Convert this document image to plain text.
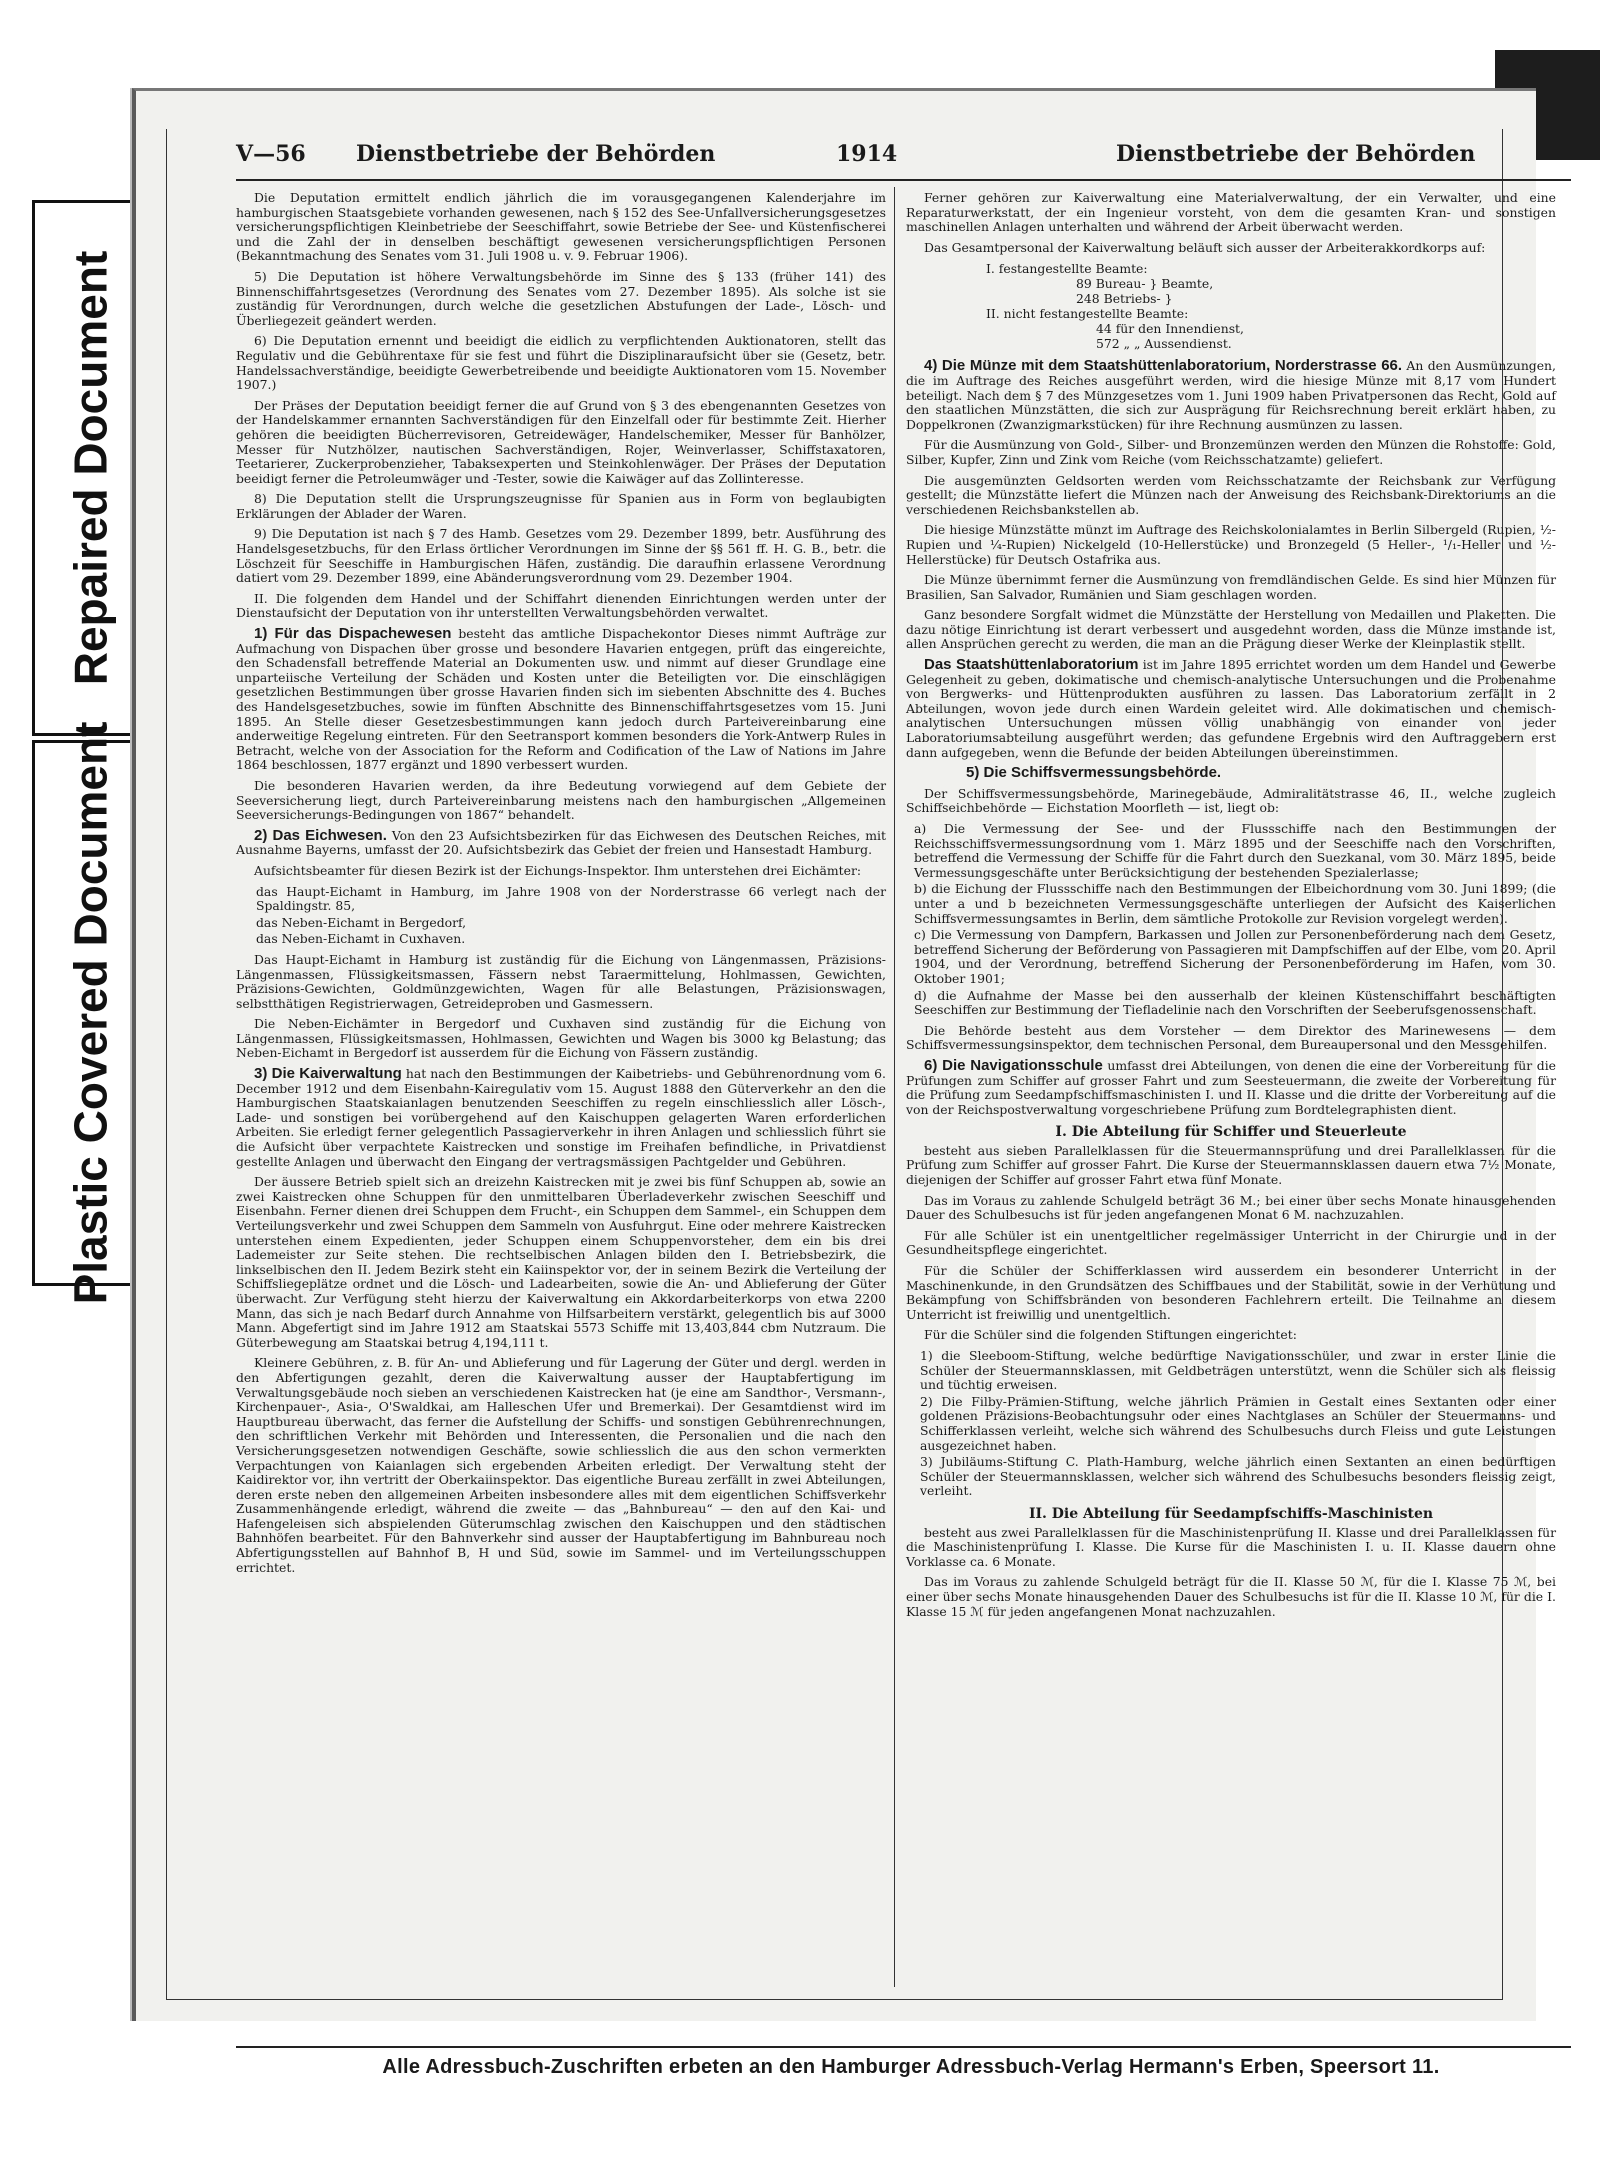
Repaired Document
Plastic Covered Document
V—56 Dienstbetriebe der Behörden	1914	Dienstbetriebe der Behörden

Die Deputation ermittelt endlich jährlich die im vorausgegangenen Kalenderjahre im hamburgischen Staatsgebiete vorhanden gewesenen, nach § 152 des See-Unfallversicherungsgesetzes versicherungspflichtigen Kleinbetriebe der Seeschiffahrt, sowie Betriebe der See- und Küstenfischerei und die Zahl der in denselben beschäftigt gewesenen versicherungspflichtigen Personen (Bekanntmachung des Senates vom 31. Juli 1908 u. v. 9. Februar 1906).

5) Die Deputation ist höhere Verwaltungsbehörde im Sinne des § 133 (früher 141) des Binnenschiffahrtsgesetzes (Verordnung des Senates vom 27. Dezember 1895). Als solche ist sie zuständig für Verordnungen, durch welche die gesetzlichen Abstufungen der Lade-, Lösch- und Überliegezeit geändert werden.

6) Die Deputation ernennt und beeidigt die eidlich zu verpflichtenden Auktionatoren, stellt das Regulativ und die Gebührentaxe für sie fest und führt die Disziplinaraufsicht über sie (Gesetz, betr. Handelssachverständige, beeidigte Gewerbetreibende und beeidigte Auktionatoren vom 15. November 1907.)

Der Präses der Deputation beeidigt ferner die auf Grund von § 3 des ebengenannten Gesetzes von der Handelskammer ernannten Sachverständigen für den Einzelfall oder für bestimmte Zeit. Hierher gehören die beeidigten Bücherrevisoren, Getreidewäger, Handelschemiker, Messer für Banhölzer, Messer für Nutzhölzer, nautischen Sachverständigen, Rojer, Weinverlasser, Schiffstaxatoren, Teetarierer, Zuckerprobenzieher, Tabaksexperten und Steinkohlenwäger. Der Präses der Deputation beeidigt ferner die Petroleumwäger und -Tester, sowie die Kaiwäger auf das Zollinteresse.

8) Die Deputation stellt die Ursprungszeugnisse für Spanien aus in Form von beglaubigten Erklärungen der Ablader der Waren.

9) Die Deputation ist nach § 7 des Hamb. Gesetzes vom 29. Dezember 1899, betr. Ausführung des Handelsgesetzbuchs, für den Erlass örtlicher Verordnungen im Sinne der §§ 561 ff. H. G. B., betr. die Löschzeit für Seeschiffe in Hamburgischen Häfen, zuständig. Die daraufhin erlassene Verordnung datiert vom 29. Dezember 1899, eine Abänderungsverordnung vom 29. Dezember 1904.

II. Die folgenden dem Handel und der Schiffahrt dienenden Einrichtungen werden unter der Dienstaufsicht der Deputation von ihr unterstellten Verwaltungsbehörden verwaltet.

1) Für das Dispachewesen besteht das amtliche Dispachekontor Dieses nimmt Aufträge zur Aufmachung von Dispachen über grosse und besondere Havarien entgegen, prüft das eingereichte, den Schadensfall betreffende Material an Dokumenten usw. und nimmt auf dieser Grundlage eine unparteiische Verteilung der Schäden und Kosten unter die Beteiligten vor. Die einschlägigen gesetzlichen Bestimmungen über grosse Havarien finden sich im siebenten Abschnitte des 4. Buches des Handelsgesetzbuches, sowie im fünften Abschnitte des Binnenschiffahrtsgesetzes vom 15. Juni 1895. An Stelle dieser Gesetzesbestimmungen kann jedoch durch Parteivereinbarung eine anderweitige Regelung eintreten. Für den Seetransport kommen besonders die York-Antwerp Rules in Betracht, welche von der Association for the Reform and Codification of the Law of Nations im Jahre 1864 beschlossen, 1877 ergänzt und 1890 verbessert wurden.

Die besonderen Havarien werden, da ihre Bedeutung vorwiegend auf dem Gebiete der Seeversicherung liegt, durch Parteivereinbarung meistens nach den hamburgischen „Allgemeinen Seeversicherungs-Bedingungen von 1867“ behandelt.

2) Das Eichwesen. Von den 23 Aufsichtsbezirken für das Eichwesen des Deutschen Reiches, mit Ausnahme Bayerns, umfasst der 20. Aufsichtsbezirk das Gebiet der freien und Hansestadt Hamburg.

Aufsichtsbeamter für diesen Bezirk ist der Eichungs-Inspektor. Ihm unterstehen drei Eichämter:

das Haupt-Eichamt in Hamburg, im Jahre 1908 von der Norderstrasse 66 verlegt nach der Spaldingstr. 85,
das Neben-Eichamt in Bergedorf,
das Neben-Eichamt in Cuxhaven.

Das Haupt-Eichamt in Hamburg ist zuständig für die Eichung von Längenmassen, Präzisions-Längenmassen, Flüssigkeitsmassen, Fässern nebst Taraermittelung, Hohlmassen, Gewichten, Präzisions-Gewichten, Goldmünzgewichten, Wagen für alle Belastungen, Präzisionswagen, selbstthätigen Registrierwagen, Getreideproben und Gasmessern.

Die Neben-Eichämter in Bergedorf und Cuxhaven sind zuständig für die Eichung von Längenmassen, Flüssigkeitsmassen, Hohlmassen, Gewichten und Wagen bis 3000 kg Belastung; das Neben-Eichamt in Bergedorf ist ausserdem für die Eichung von Fässern zuständig.

3) Die Kaiverwaltung hat nach den Bestimmungen der Kaibetriebs- und Gebührenordnung vom 6. December 1912 und dem Eisenbahn-Kairegulativ vom 15. August 1888 den Güterverkehr an den die Hamburgischen Staatskaianlagen benutzenden Seeschiffen zu regeln einschliesslich aller Lösch-, Lade- und sonstigen bei vorübergehend auf den Kaischuppen gelagerten Waren erforderlichen Arbeiten. Sie erledigt ferner gelegentlich Passagierverkehr in ihren Anlagen und schliesslich führt sie die Aufsicht über verpachtete Kaistrecken und sonstige im Freihafen befindliche, in Privatdienst gestellte Anlagen und überwacht den Eingang der vertragsmässigen Pachtgelder und Gebühren.

Der äussere Betrieb spielt sich an dreizehn Kaistrecken mit je zwei bis fünf Schuppen ab, sowie an zwei Kaistrecken ohne Schuppen für den unmittelbaren Überladeverkehr zwischen Seeschiff und Eisenbahn. Ferner dienen drei Schuppen dem Frucht-, ein Schuppen dem Sammel-, ein Schuppen dem Verteilungsverkehr und zwei Schuppen dem Sammeln von Ausfuhrgut. Eine oder mehrere Kaistrecken unterstehen einem Expedienten, jeder Schuppen einem Schuppenvorsteher, dem ein bis drei Lademeister zur Seite stehen. Die rechtselbischen Anlagen bilden den I. Betriebsbezirk, die linkselbischen den II. Jedem Bezirk steht ein Kaiinspektor vor, der in seinem Bezirk die Verteilung der Schiffsliegeplätze ordnet und die Lösch- und Ladearbeiten, sowie die An- und Ablieferung der Güter überwacht. Zur Verfügung steht hierzu der Kaiverwaltung ein Akkordarbeiterkorps von etwa 2200 Mann, das sich je nach Bedarf durch Annahme von Hilfsarbeitern verstärkt, gelegentlich bis auf 3000 Mann. Abgefertigt sind im Jahre 1912 am Staatskai 5573 Schiffe mit 13,403,844 cbm Nutzraum. Die Güterbewegung am Staatskai betrug 4,194,111 t.

Kleinere Gebühren, z. B. für An- und Ablieferung und für Lagerung der Güter und dergl. werden in den Abfertigungen gezahlt, deren die Kaiverwaltung ausser der Hauptabfertigung im Verwaltungsgebäude noch sieben an verschiedenen Kaistrecken hat (je eine am Sandthor-, Versmann-, Kirchenpauer-, Asia-, O'Swaldkai, am Halleschen Ufer und Bremerkai). Der Gesamtdienst wird im Hauptbureau überwacht, das ferner die Aufstellung der Schiffs- und sonstigen Gebührenrechnungen, den schriftlichen Verkehr mit Behörden und Interessenten, die Personalien und die nach den Versicherungsgesetzen notwendigen Geschäfte, sowie schliesslich die aus den schon vermerkten Verpachtungen von Kaianlagen sich ergebenden Arbeiten erledigt. Der Verwaltung steht der Kaidirektor vor, ihn vertritt der Oberkaiinspektor. Das eigentliche Bureau zerfällt in zwei Abteilungen, deren erste neben den allgemeinen Arbeiten insbesondere alles mit dem eigentlichen Schiffsverkehr Zusammenhängende erledigt, während die zweite — das „Bahnbureau“ — den auf den Kai- und Hafengeleisen sich abspielenden Güterumschlag zwischen den Kaischuppen und den städtischen Bahnhöfen bearbeitet. Für den Bahnverkehr sind ausser der Hauptabfertigung im Bahnbureau noch Abfertigungsstellen auf Bahnhof B, H und Süd, sowie im Sammel- und im Verteilungsschuppen errichtet.

Ferner gehören zur Kaiverwaltung eine Materialverwaltung, der ein Verwalter, und eine Reparaturwerkstatt, der ein Ingenieur vorsteht, von dem die gesamten Kran- und sonstigen maschinellen Anlagen unterhalten und während der Arbeit überwacht werden.

Das Gesamtpersonal der Kaiverwaltung beläuft sich ausser der Arbeiterakkordkorps auf:

I. festangestellte Beamte:
89 Bureau- } Beamte,
248 Betriebs- }
II. nicht festangestellte Beamte:
44 für den Innendienst,
572 „ „ Aussendienst.

4) Die Münze mit dem Staatshüttenlaboratorium, Norderstrasse 66. An den Ausmünzungen, die im Auftrage des Reiches ausgeführt werden, wird die hiesige Münze mit 8,17 vom Hundert beteiligt. Nach dem § 7 des Münzgesetzes vom 1. Juni 1909 haben Privatpersonen das Recht, Gold auf den staatlichen Münzstätten, die sich zur Ausprägung für Reichsrechnung bereit erklärt haben, zu Doppelkronen (Zwanzigmarkstücken) für ihre Rechnung ausmünzen zu lassen.

Für die Ausmünzung von Gold-, Silber- und Bronzemünzen werden den Münzen die Rohstoffe: Gold, Silber, Kupfer, Zinn und Zink vom Reiche (vom Reichsschatzamte) geliefert.

Die ausgemünzten Geldsorten werden vom Reichsschatzamte der Reichsbank zur Verfügung gestellt; die Münzstätte liefert die Münzen nach der Anweisung des Reichsbank-Direktoriums an die verschiedenen Reichsbankstellen ab.

Die hiesige Münzstätte münzt im Auftrage des Reichskolonialamtes in Berlin Silbergeld (Rupien, ½-Rupien und ¼-Rupien) Nickelgeld (10-Hellerstücke) und Bronzegeld (5 Heller-, ¹/₁-Heller und ½-Hellerstücke) für Deutsch Ostafrika aus.

Die Münze übernimmt ferner die Ausmünzung von fremdländischen Gelde. Es sind hier Münzen für Brasilien, San Salvador, Rumänien und Siam geschlagen worden.

Ganz besondere Sorgfalt widmet die Münzstätte der Herstellung von Medaillen und Plaketten. Die dazu nötige Einrichtung ist derart verbessert und ausgedehnt worden, dass die Münze imstande ist, allen Ansprüchen gerecht zu werden, die man an die Prägung dieser Werke der Kleinplastik stellt.

Das Staatshüttenlaboratorium ist im Jahre 1895 errichtet worden um dem Handel und Gewerbe Gelegenheit zu geben, dokimatische und chemisch-analytische Untersuchungen und die Probenahme von Bergwerks- und Hüttenprodukten ausführen zu lassen. Das Laboratorium zerfällt in 2 Abteilungen, wovon jede durch einen Wardein geleitet wird. Alle dokimatischen und chemisch-analytischen Untersuchungen müssen völlig unabhängig von einander von jeder Laboratoriumsabteilung ausgeführt werden; das gefundene Ergebnis wird den Auftraggebern erst dann aufgegeben, wenn die Befunde der beiden Abteilungen übereinstimmen.

5) Die Schiffsvermessungsbehörde.

Der Schiffsvermessungsbehörde, Marinegebäude, Admiralitätstrasse 46, II., welche zugleich Schiffseichbehörde — Eichstation Moorfleth — ist, liegt ob:

a) Die Vermessung der See- und der Flussschiffe nach den Bestimmungen der Reichsschiffsvermessungsordnung vom 1. März 1895 und der Seeschiffe nach den Vorschriften, betreffend die Vermessung der Schiffe für die Fahrt durch den Suezkanal, vom 30. März 1895, beide Vermessungsgeschäfte unter Berücksichtigung der bestehenden Spezialerlasse;
b) die Eichung der Flussschiffe nach den Bestimmungen der Elbeichordnung vom 30. Juni 1899; (die unter a und b bezeichneten Vermessungsgeschäfte unterliegen der Aufsicht des Kaiserlichen Schiffsvermessungsamtes in Berlin, dem sämtliche Protokolle zur Revision vorgelegt werden).
c) Die Vermessung von Dampfern, Barkassen und Jollen zur Personenbeförderung nach dem Gesetz, betreffend Sicherung der Beförderung von Passagieren mit Dampfschiffen auf der Elbe, vom 20. April 1904, und der Verordnung, betreffend Sicherung der Personenbeförderung im Hafen, vom 30. Oktober 1901;
d) die Aufnahme der Masse bei den ausserhalb der kleinen Küstenschiffahrt beschäftigten Seeschiffen zur Bestimmung der Tiefladelinie nach den Vorschriften der Seeberufsgenossenschaft.

Die Behörde besteht aus dem Vorsteher — dem Direktor des Marinewesens — dem Schiffsvermessungsinspektor, dem technischen Personal, dem Bureaupersonal und den Messgehilfen.

6) Die Navigationsschule umfasst drei Abteilungen, von denen die eine der Vorbereitung für die Prüfungen zum Schiffer auf grosser Fahrt und zum Seesteuermann, die zweite der Vorbereitung für die Prüfung zum Seedampfschiffsmaschinisten I. und II. Klasse und die dritte der Vorbereitung auf die von der Reichspostverwaltung vorgeschriebene Prüfung zum Bordtelegraphisten dient.

I. Die Abteilung für Schiffer und Steuerleute

besteht aus sieben Parallelklassen für die Steuermannsprüfung und drei Parallelklassen für die Prüfung zum Schiffer auf grosser Fahrt. Die Kurse der Steuermannsklassen dauern etwa 7½ Monate, diejenigen der Schiffer auf grosser Fahrt etwa fünf Monate.

Das im Voraus zu zahlende Schulgeld beträgt 36 M.; bei einer über sechs Monate hinausgehenden Dauer des Schulbesuchs ist für jeden angefangenen Monat 6 M. nachzuzahlen.

Für alle Schüler ist ein unentgeltlicher regelmässiger Unterricht in der Chirurgie und in der Gesundheitspflege eingerichtet.

Für die Schüler der Schifferklassen wird ausserdem ein besonderer Unterricht in der Maschinenkunde, in den Grundsätzen des Schiffbaues und der Stabilität, sowie in der Verhütung und Bekämpfung von Schiffsbränden von besonderen Fachlehrern erteilt. Die Teilnahme an diesem Unterricht ist freiwillig und unentgeltlich.

Für die Schüler sind die folgenden Stiftungen eingerichtet:

1) die Sleeboom-Stiftung, welche bedürftige Navigationsschüler, und zwar in erster Linie die Schüler der Steuermannsklassen, mit Geldbeträgen unterstützt, wenn die Schüler sich als fleissig und tüchtig erweisen.
2) Die Filby-Prämien-Stiftung, welche jährlich Prämien in Gestalt eines Sextanten oder einer goldenen Präzisions-Beobachtungsuhr oder eines Nachtglases an Schüler der Steuermanns- und Schifferklassen verleiht, welche sich während des Schulbesuchs durch Fleiss und gute Leistungen ausgezeichnet haben.
3) Jubiläums-Stiftung C. Plath-Hamburg, welche jährlich einen Sextanten an einen bedürftigen Schüler der Steuermannsklassen, welcher sich während des Schulbesuchs besonders fleissig zeigt, verleiht.

II. Die Abteilung für Seedampfschiffs-Maschinisten

besteht aus zwei Parallelklassen für die Maschinistenprüfung II. Klasse und drei Parallelklassen für die Maschinistenprüfung I. Klasse. Die Kurse für die Maschinisten I. u. II. Klasse dauern ohne Vorklasse ca. 6 Monate.

Das im Voraus zu zahlende Schulgeld beträgt für die II. Klasse 50 ℳ, für die I. Klasse 75 ℳ, bei einer über sechs Monate hinausgehenden Dauer des Schulbesuchs ist für die II. Klasse 10 ℳ, für die I. Klasse 15 ℳ für jeden angefangenen Monat nachzuzahlen.

Alle Adressbuch-Zuschriften erbeten an den Hamburger Adressbuch-Verlag Hermann's Erben, Speersort 11.
